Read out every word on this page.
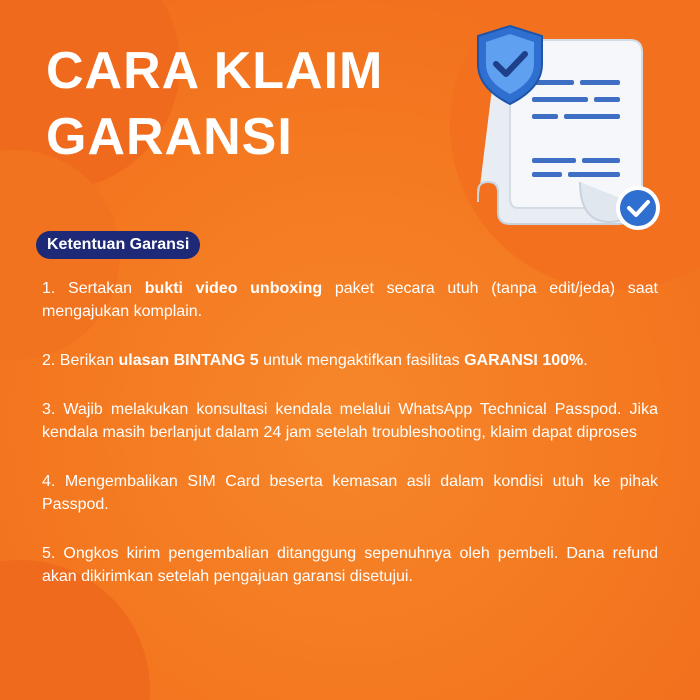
CARA KLAIM
GARANSI
Ketentuan Garansi

1. Sertakan bukti video unboxing paket secara utuh (tanpa edit/jeda) saat mengajukan komplain.

2. Berikan ulasan BINTANG 5 untuk mengaktifkan fasilitas GARANSI 100%.

3. Wajib melakukan konsultasi kendala melalui WhatsApp Technical Passpod. Jika kendala masih berlanjut dalam 24 jam setelah troubleshooting, klaim dapat diproses

4. Mengembalikan SIM Card beserta kemasan asli dalam kondisi utuh ke pihak Passpod.

5. Ongkos kirim pengembalian ditanggung sepenuhnya oleh pembeli. Dana refund akan dikirimkan setelah pengajuan garansi disetujui.
